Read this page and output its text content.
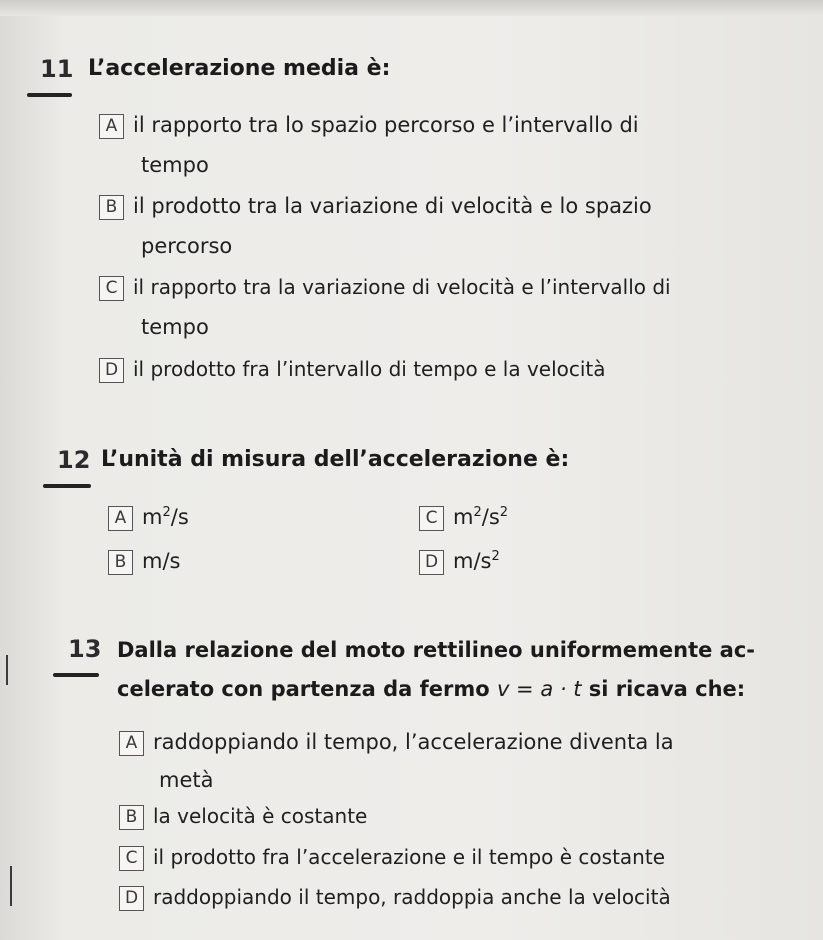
11 L’accelerazione media è:
A il rapporto tra lo spazio percorso e l’intervallo di
tempo
B il prodotto tra la variazione di velocità e lo spazio
percorso
C il rapporto tra la variazione di velocità e l’intervallo di
tempo
D il prodotto fra l’intervallo di tempo e la velocità
12 L’unità di misura dell’accelerazione è:
A $m^2/s$
B m/s
C $m^2/s^2$
D $m/s^2$
13 Dalla relazione del moto rettilineo uniformemente ac-
celerato con partenza da fermo v = a · t si ricava che:
A raddoppiando il tempo, l’accelerazione diventa la
metà
B la velocità è costante
C il prodotto fra l’accelerazione e il tempo è costante
D raddoppiando il tempo, raddoppia anche la velocità
